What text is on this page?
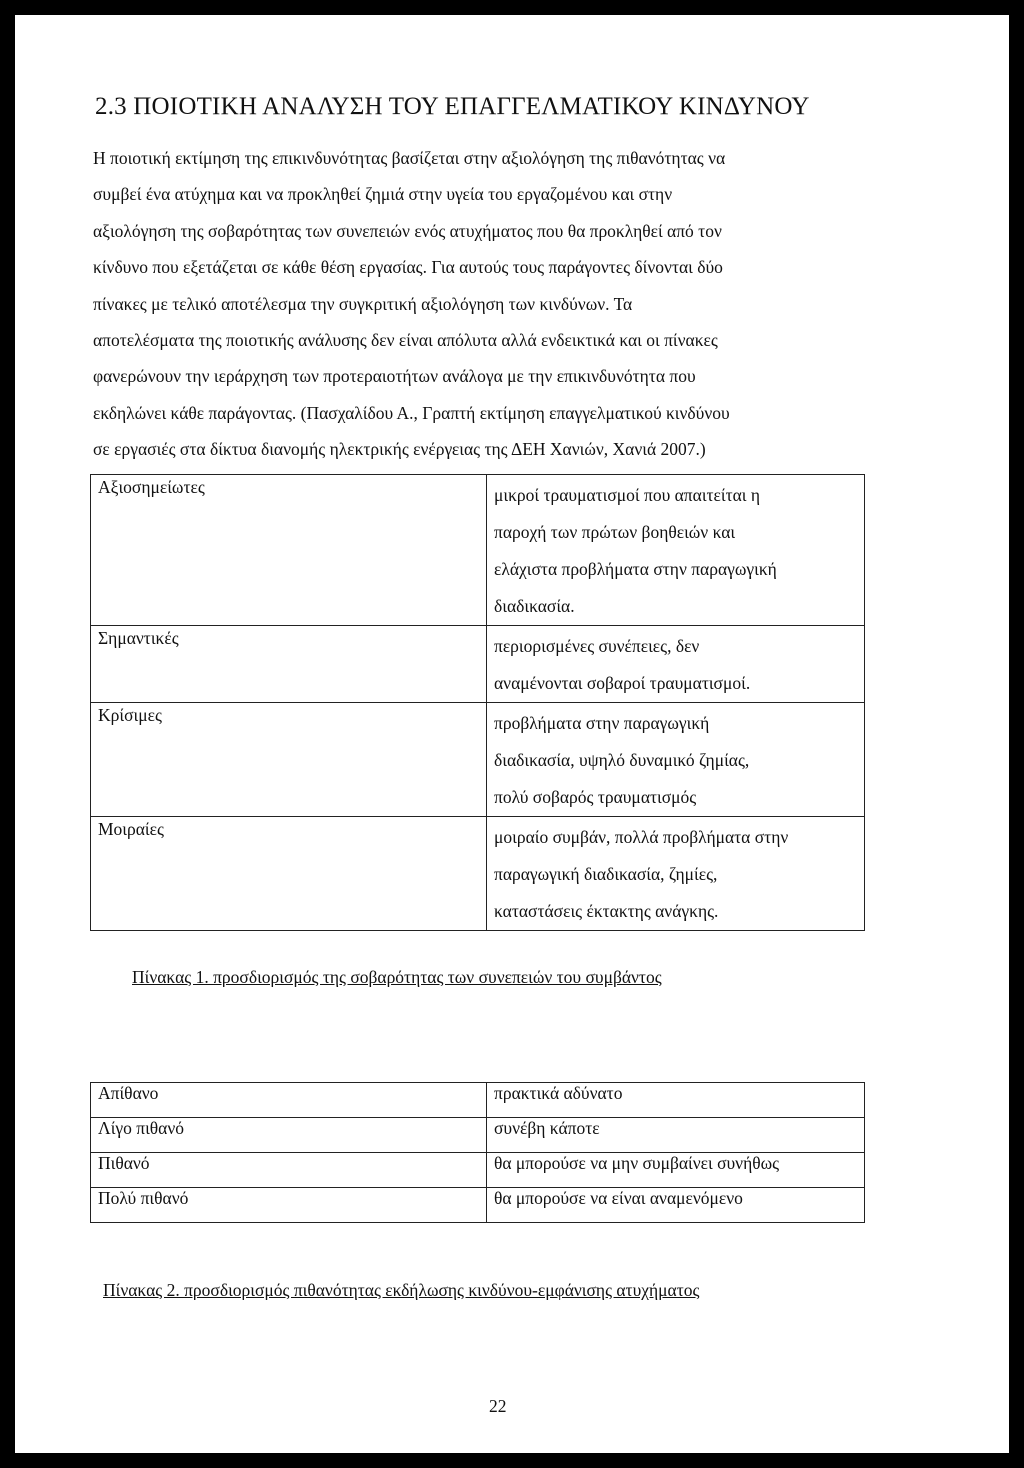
2.3 ΠΟΙΟΤΙΚΗ ΑΝΑΛΥΣΗ ΤΟΥ ΕΠΑΓΓΕΛΜΑΤΙΚΟΥ ΚΙΝΔΥΝΟΥ

Η ποιοτική εκτίμηση της επικινδυνότητας βασίζεται στην αξιολόγηση της πιθανότητας να
συμβεί ένα ατύχημα και να προκληθεί ζημιά στην υγεία του εργαζομένου και στην
αξιολόγηση της σοβαρότητας των συνεπειών ενός ατυχήματος που θα προκληθεί από τον
κίνδυνο που εξετάζεται σε κάθε θέση εργασίας. Για αυτούς τους παράγοντες δίνονται δύο
πίνακες με τελικό αποτέλεσμα την συγκριτική αξιολόγηση των κινδύνων. Τα
αποτελέσματα της ποιοτικής ανάλυσης δεν είναι απόλυτα αλλά ενδεικτικά και οι πίνακες
φανερώνουν την ιεράρχηση των προτεραιοτήτων ανάλογα με την επικινδυνότητα που
εκδηλώνει κάθε παράγοντας. (Πασχαλίδου Α., Γραπτή εκτίμηση επαγγελματικού κινδύνου
σε εργασιές στα δίκτυα διανομής ηλεκτρικής ενέργειας της ΔΕΗ Χανιών, Χανιά 2007.)

Αξιοσημείωτες	μικροί τραυματισμοί που απαιτείται η
παροχή των πρώτων βοηθειών και
ελάχιστα προβλήματα στην παραγωγική
διαδικασία.

Σημαντικές	περιορισμένες συνέπειες, δεν
αναμένονται σοβαροί τραυματισμοί.

Κρίσιμες	προβλήματα στην παραγωγική
διαδικασία, υψηλό δυναμικό ζημίας,
πολύ σοβαρός τραυματισμός

Μοιραίες	μοιραίο συμβάν, πολλά προβλήματα στην
παραγωγική διαδικασία, ζημίες,
καταστάσεις έκτακτης ανάγκης.

Πίνακας 1. προσδιορισμός της σοβαρότητας των συνεπειών του συμβάντος

Απίθανο	πρακτικά αδύνατο
Λίγο πιθανό	συνέβη κάποτε
Πιθανό	θα μπορούσε να μην συμβαίνει συνήθως
Πολύ πιθανό	θα μπορούσε να είναι αναμενόμενο

Πίνακας 2. προσδιορισμός πιθανότητας εκδήλωσης κινδύνου-εμφάνισης ατυχήματος

22
